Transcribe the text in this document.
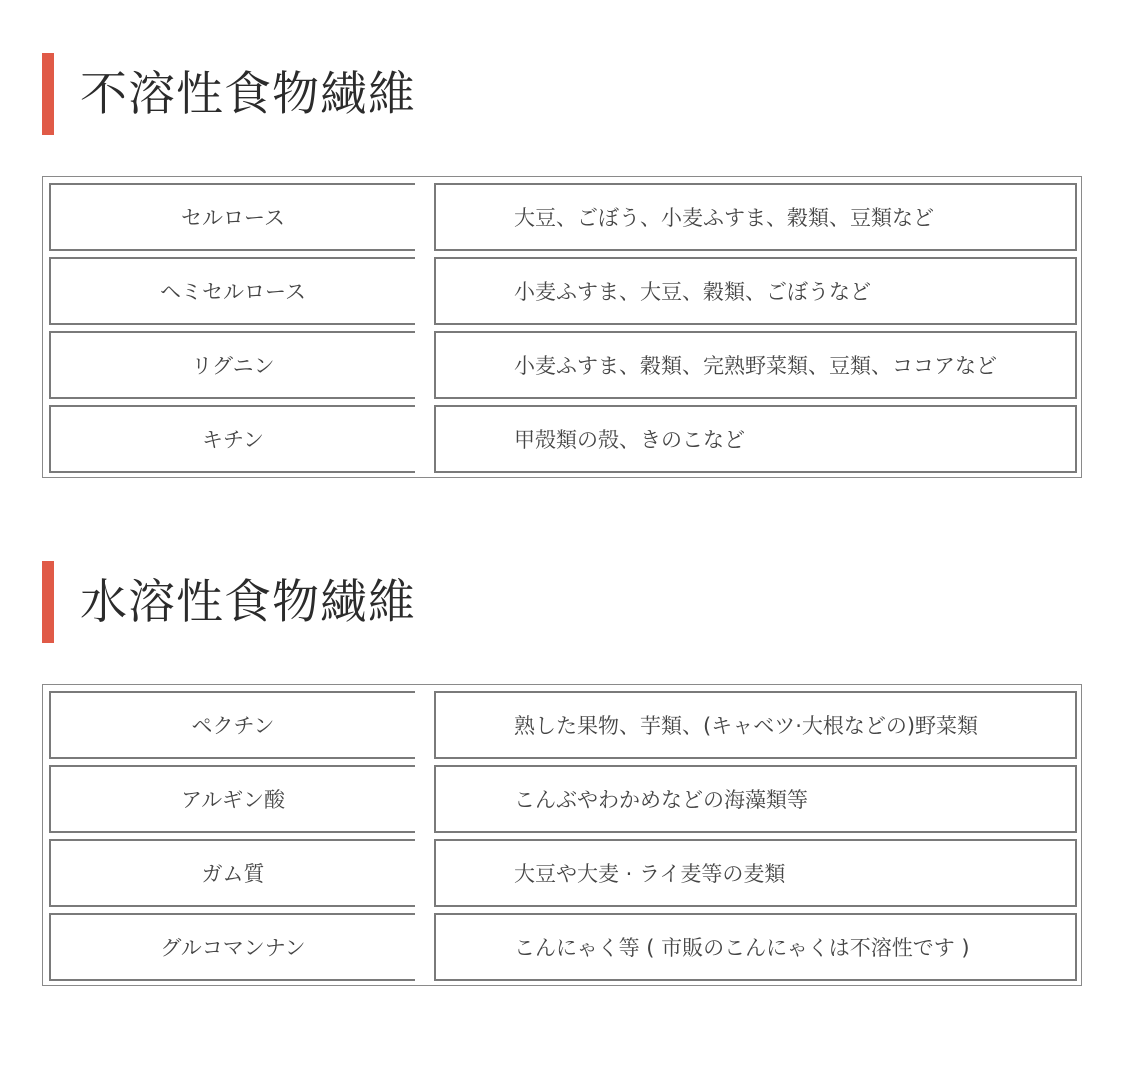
不溶性食物繊維
セルロース	大豆、ごぼう、小麦ふすま、穀類、豆類など
ヘミセルロース	小麦ふすま、大豆、穀類、ごぼうなど
リグニン	小麦ふすま、穀類、完熟野菜類、豆類、ココアなど
キチン	甲殻類の殻、きのこなど
水溶性食物繊維
ペクチン	熟した果物、芋類、(キャベツ·大根などの)野菜類
アルギン酸	こんぶやわかめなどの海藻類等
ガム質	大豆や大麦 · ライ麦等の麦類
グルコマンナン	こんにゃく等 ( 市販のこんにゃくは不溶性です )
